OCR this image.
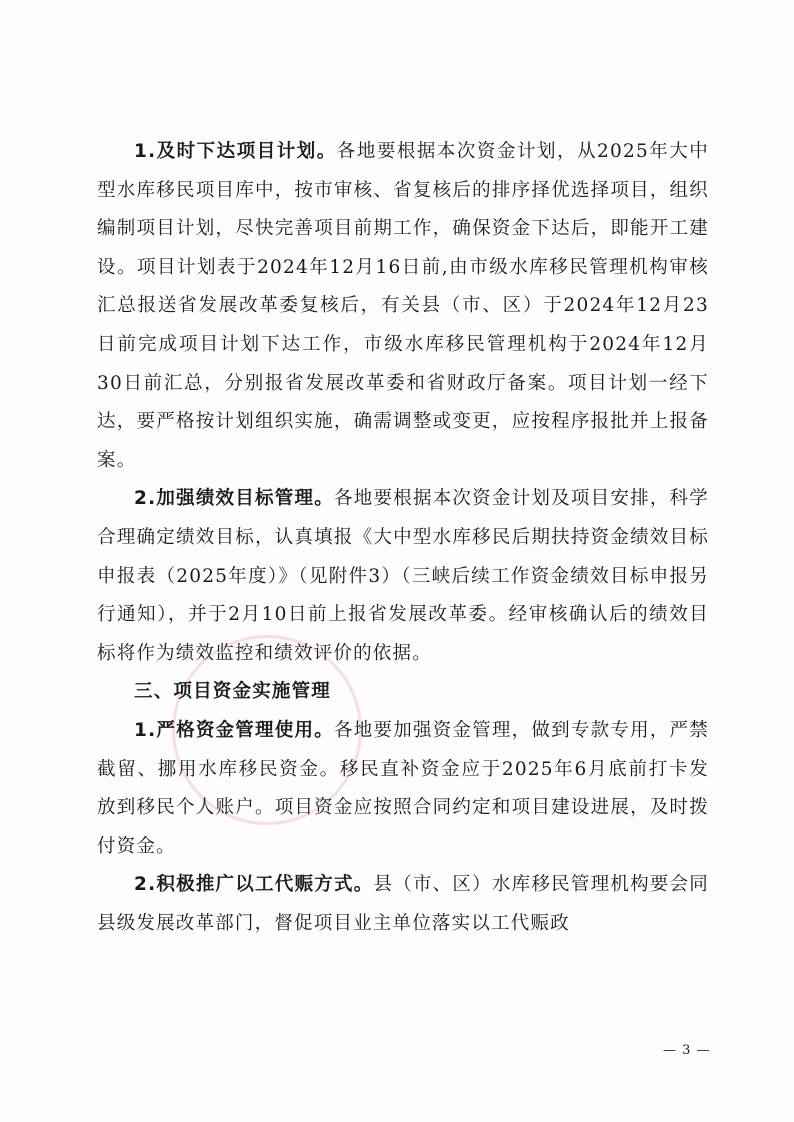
1.及时下达项目计划。各地要根据本次资金计划，从2025年大中型水库移民项目库中，按市审核、省复核后的排序择优选择项目，组织编制项目计划，尽快完善项目前期工作，确保资金下达后，即能开工建设。项目计划表于2024年12月16日前,由市级水库移民管理机构审核汇总报送省发展改革委复核后，有关县（市、区）于2024年12月23日前完成项目计划下达工作，市级水库移民管理机构于2024年12月30日前汇总，分别报省发展改革委和省财政厅备案。项目计划一经下达，要严格按计划组织实施，确需调整或变更，应按程序报批并上报备案。

2.加强绩效目标管理。各地要根据本次资金计划及项目安排，科学合理确定绩效目标，认真填报《大中型水库移民后期扶持资金绩效目标申报表（2025年度）》（见附件3）（三峡后续工作资金绩效目标申报另行通知），并于2月10日前上报省发展改革委。经审核确认后的绩效目标将作为绩效监控和绩效评价的依据。

三、项目资金实施管理

1.严格资金管理使用。各地要加强资金管理，做到专款专用，严禁截留、挪用水库移民资金。移民直补资金应于2025年6月底前打卡发放到移民个人账户。项目资金应按照合同约定和项目建设进展，及时拨付资金。

2.积极推广以工代赈方式。县（市、区）水库移民管理机构要会同县级发展改革部门，督促项目业主单位落实以工代赈政

— 3 —
